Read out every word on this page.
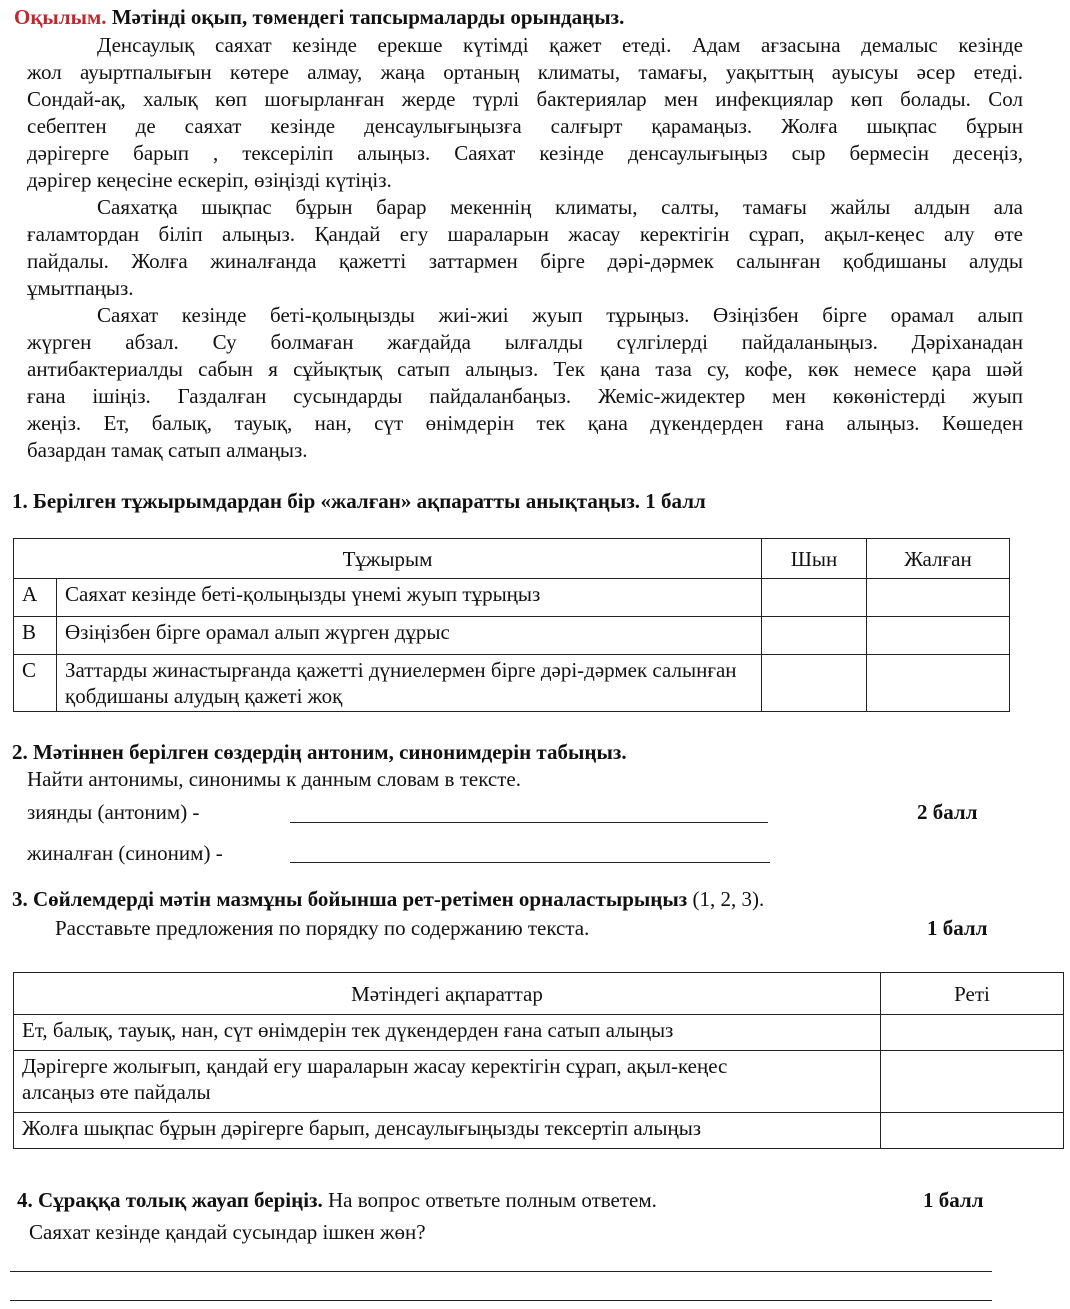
Оқылым. Мәтінді оқып, төмендегі тапсырмаларды орындаңыз.
Денсаулық саяхат кезінде ерекше күтімді қажет етеді. Адам ағзасына демалыс кезінде
жол ауыртпалығын көтере алмау, жаңа ортаның климаты, тамағы, уақыттың ауысуы әсер етеді.
Сондай-ақ, халық көп шоғырланған жерде түрлі бактериялар мен инфекциялар көп болады. Сол
себептен де саяхат кезінде денсаулығыңызға салғырт қарамаңыз. Жолға шықпас бұрын
дәрігерге барып , тексеріліп алыңыз. Саяхат кезінде денсаулығыңыз сыр бермесін десеңіз,
дәрігер кеңесіне ескеріп, өзіңізді күтіңіз.
Саяхатқа шықпас бұрын барар мекеннің климаты, салты, тамағы жайлы алдын ала
ғаламтордан біліп алыңыз. Қандай егу шараларын жасау керектігін сұрап, ақыл-кеңес алу өте
пайдалы. Жолға жиналғанда қажетті заттармен бірге дәрі-дәрмек салынған қобдишаны алуды
ұмытпаңыз.
Саяхат кезінде беті-қолыңызды жиі-жиі жуып тұрыңыз. Өзіңізбен бірге орамал алып
жүрген абзал. Су болмаған жағдайда ылғалды сүлгілерді пайдаланыңыз. Дәріханадан
антибактериалды сабын я сұйықтық сатып алыңыз. Тек қана таза су, кофе, көк немесе қара шәй
ғана ішіңіз. Газдалған сусындарды пайдаланбаңыз. Жеміс-жидектер мен көкөністерді жуып
жеңіз. Ет, балық, тауық, нан, сүт өнімдерін тек қана дүкендерден ғана алыңыз. Көшеден
базардан тамақ сатып алмаңыз.
1. Берілген тұжырымдардан бір «жалған» ақпаратты анықтаңыз. 1 балл
Тұжырым		Шын	Жалған
A	Саяхат кезінде беті-қолыңызды үнемі жуып тұрыңыз		
B	Өзіңізбен бірге орамал алып жүрген дұрыс		
C	Заттарды жинастырғанда қажетті дүниелермен бірге дәрі-дәрмек салынған қобдишаны алудың қажеті жоқ		
2. Мәтіннен берілген сөздердің антоним, синонимдерін табыңыз.
Найти антонимы, синонимы к данным словам в тексте.
зиянды (антоним) -	2 балл
жиналған (синоним) -
3. Сөйлемдерді мәтін мазмұны бойынша рет-ретімен орналастырыңыз (1, 2, 3).
Расставьте предложения по порядку по содержанию текста.	1 балл
Мәтіндегі ақпараттар	Реті
Ет, балық, тауық, нан, сүт өнімдерін тек дүкендерден ғана сатып алыңыз	
Дәрігерге жолығып, қандай егу шараларын жасау керектігін сұрап, ақыл-кеңес алсаңыз өте пайдалы	
Жолға шықпас бұрын дәрігерге барып, денсаулығыңызды тексертіп алыңыз	
4. Сұраққа толық жауап беріңіз. На вопрос ответьте полным ответем.	1 балл
Саяхат кезінде қандай сусындар ішкен жөн?
